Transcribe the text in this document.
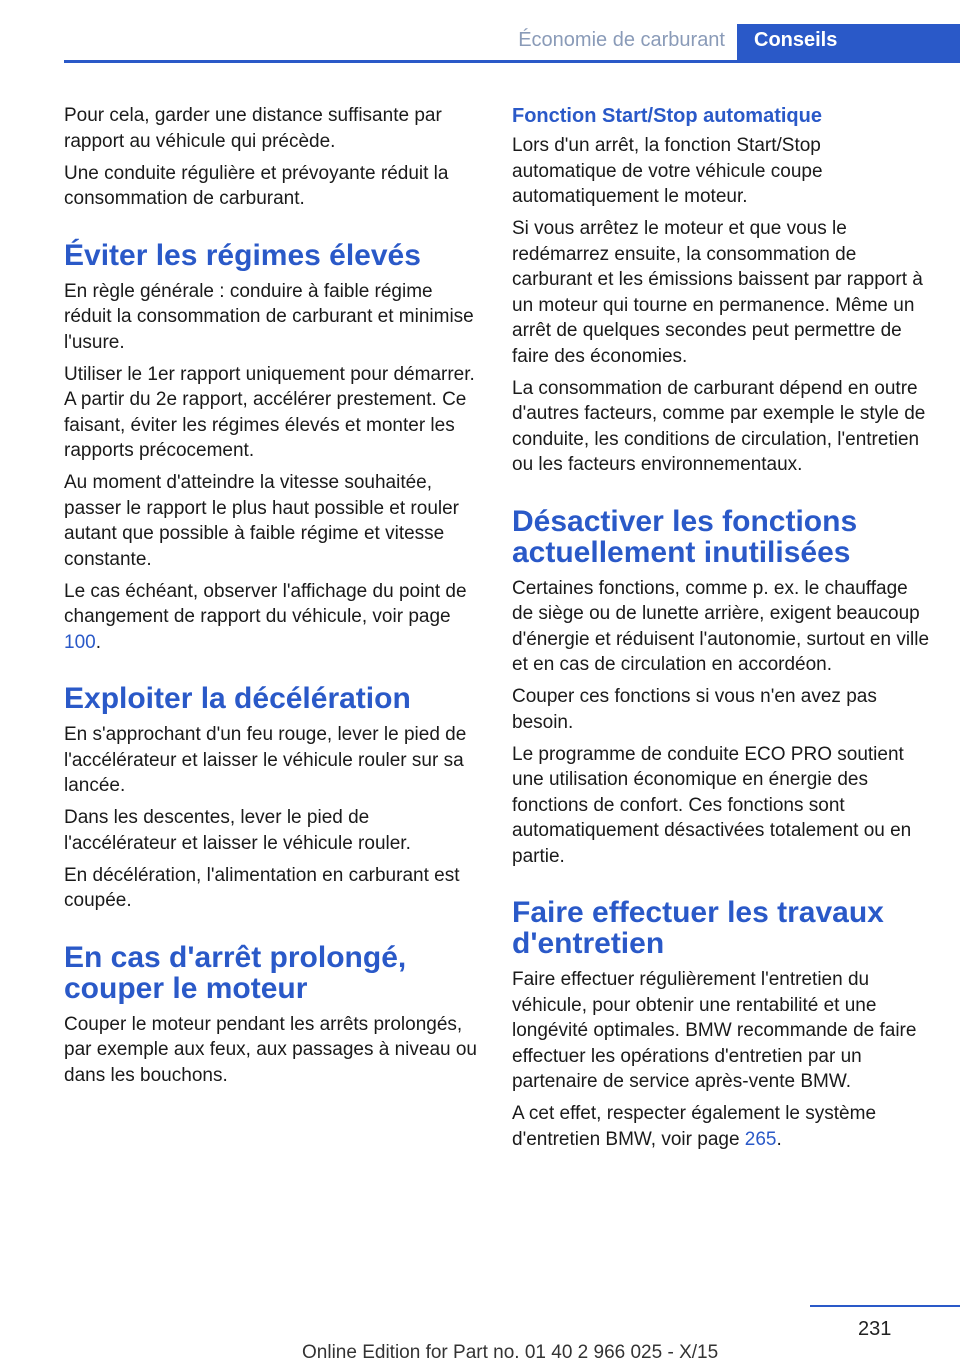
Économie de carburant	Conseils

Pour cela, garder une distance suffisante par rapport au véhicule qui précède.

Une conduite régulière et prévoyante réduit la consommation de carburant.

Éviter les régimes élevés

En règle générale : conduire à faible régime réduit la consommation de carburant et minimise l'usure.

Utiliser le 1er rapport uniquement pour démarrer. A partir du 2e rapport, accélérer prestement. Ce faisant, éviter les régimes élevés et monter les rapports précocement.

Au moment d'atteindre la vitesse souhaitée, passer le rapport le plus haut possible et rouler autant que possible à faible régime et vitesse constante.

Le cas échéant, observer l'affichage du point de changement de rapport du véhicule, voir page 100.

Exploiter la décélération

En s'approchant d'un feu rouge, lever le pied de l'accélérateur et laisser le véhicule rouler sur sa lancée.

Dans les descentes, lever le pied de l'accélérateur et laisser le véhicule rouler.

En décélération, l'alimentation en carburant est coupée.

En cas d'arrêt prolongé, couper le moteur

Couper le moteur pendant les arrêts prolongés, par exemple aux feux, aux passages à niveau ou dans les bouchons.

Fonction Start/Stop automatique

Lors d'un arrêt, la fonction Start/Stop automatique de votre véhicule coupe automatiquement le moteur.

Si vous arrêtez le moteur et que vous le redémarrez ensuite, la consommation de carburant et les émissions baissent par rapport à un moteur qui tourne en permanence. Même un arrêt de quelques secondes peut permettre de faire des économies.

La consommation de carburant dépend en outre d'autres facteurs, comme par exemple le style de conduite, les conditions de circulation, l'entretien ou les facteurs environnementaux.

Désactiver les fonctions actuellement inutilisées

Certaines fonctions, comme p. ex. le chauffage de siège ou de lunette arrière, exigent beaucoup d'énergie et réduisent l'autonomie, surtout en ville et en cas de circulation en accordéon.

Couper ces fonctions si vous n'en avez pas besoin.

Le programme de conduite ECO PRO soutient une utilisation économique en énergie des fonctions de confort. Ces fonctions sont automatiquement désactivées totalement ou en partie.

Faire effectuer les travaux d'entretien

Faire effectuer régulièrement l'entretien du véhicule, pour obtenir une rentabilité et une longévité optimales. BMW recommande de faire effectuer les opérations d'entretien par un partenaire de service après-vente BMW.

A cet effet, respecter également le système d'entretien BMW, voir page 265.

231
Online Edition for Part no. 01 40 2 966 025 - X/15
